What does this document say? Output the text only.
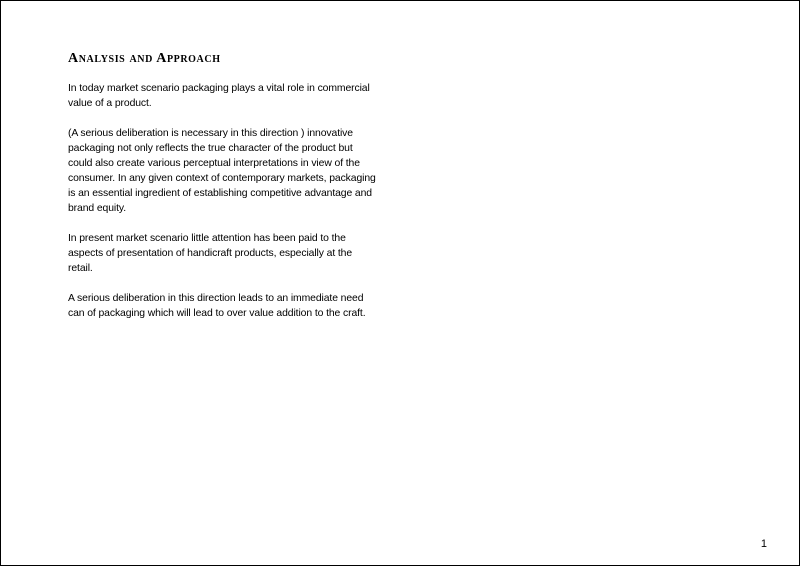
Analysis and Approach

In today market scenario packaging plays a vital role in commercial value of a product.

(A serious deliberation is necessary in this direction ) innovative packaging not only reflects the true character of the product but could also create various perceptual interpretations in view of the consumer. In any given context of contemporary markets, packaging is an essential ingredient of establishing competitive advantage and brand equity.

In present market scenario little attention has been paid to the aspects of presentation of handicraft products, especially at the retail.

A serious deliberation in this direction leads to an immediate need can of packaging which will lead to over value addition to the craft.

1
